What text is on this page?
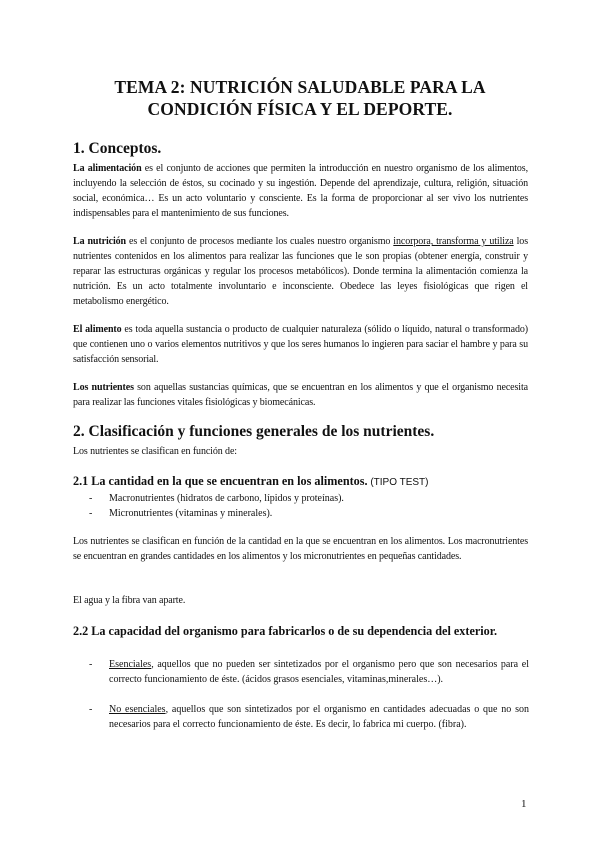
TEMA 2: NUTRICIÓN SALUDABLE PARA LA
CONDICIÓN FÍSICA Y EL DEPORTE.
1. Conceptos.
La alimentación es el conjunto de acciones que permiten la introducción en nuestro organismo de los alimentos, incluyendo la selección de éstos, su cocinado y su ingestión. Depende del aprendizaje, cultura, religión, situación social, económica… Es un acto voluntario y consciente. Es la forma de proporcionar al ser vivo los nutrientes indispensables para el mantenimiento de sus funciones.
La nutrición es el conjunto de procesos mediante los cuales nuestro organismo incorpora, transforma y utiliza los nutrientes contenidos en los alimentos para realizar las funciones que le son propias (obtener energía, construir y reparar las estructuras orgánicas y regular los procesos metabólicos). Donde termina la alimentación comienza la nutrición. Es un acto totalmente involuntario e inconsciente. Obedece las leyes fisiológicas que rigen el metabolismo energético.
El alimento es toda aquella sustancia o producto de cualquier naturaleza (sólido o líquido, natural o transformado) que contienen uno o varios elementos nutritivos y que los seres humanos lo ingieren para saciar el hambre y para su satisfacción sensorial.
Los nutrientes son aquellas sustancias químicas, que se encuentran en los alimentos y que el organismo necesita para realizar las funciones vitales fisiológicas y biomecánicas.
2. Clasificación y funciones generales de los nutrientes.
Los nutrientes se clasifican en función de:
2.1 La cantidad en la que se encuentran en los alimentos. (TIPO TEST)
- Macronutrientes (hidratos de carbono, lípidos y proteínas).
- Micronutrientes (vitaminas y minerales).
Los nutrientes se clasifican en función de la cantidad en la que se encuentran en los alimentos. Los macronutrientes se encuentran en grandes cantidades en los alimentos y los micronutrientes en pequeñas cantidades.
El agua y la fibra van aparte.
2.2 La capacidad del organismo para fabricarlos o de su dependencia del exterior.
- Esenciales, aquellos que no pueden ser sintetizados por el organismo pero que son necesarios para el correcto funcionamiento de éste. (ácidos grasos esenciales, vitaminas,minerales…).
- No esenciales, aquellos que son sintetizados por el organismo en cantidades adecuadas o que no son necesarios para el correcto funcionamiento de éste. Es decir, lo fabrica mi cuerpo. (fibra).
1
